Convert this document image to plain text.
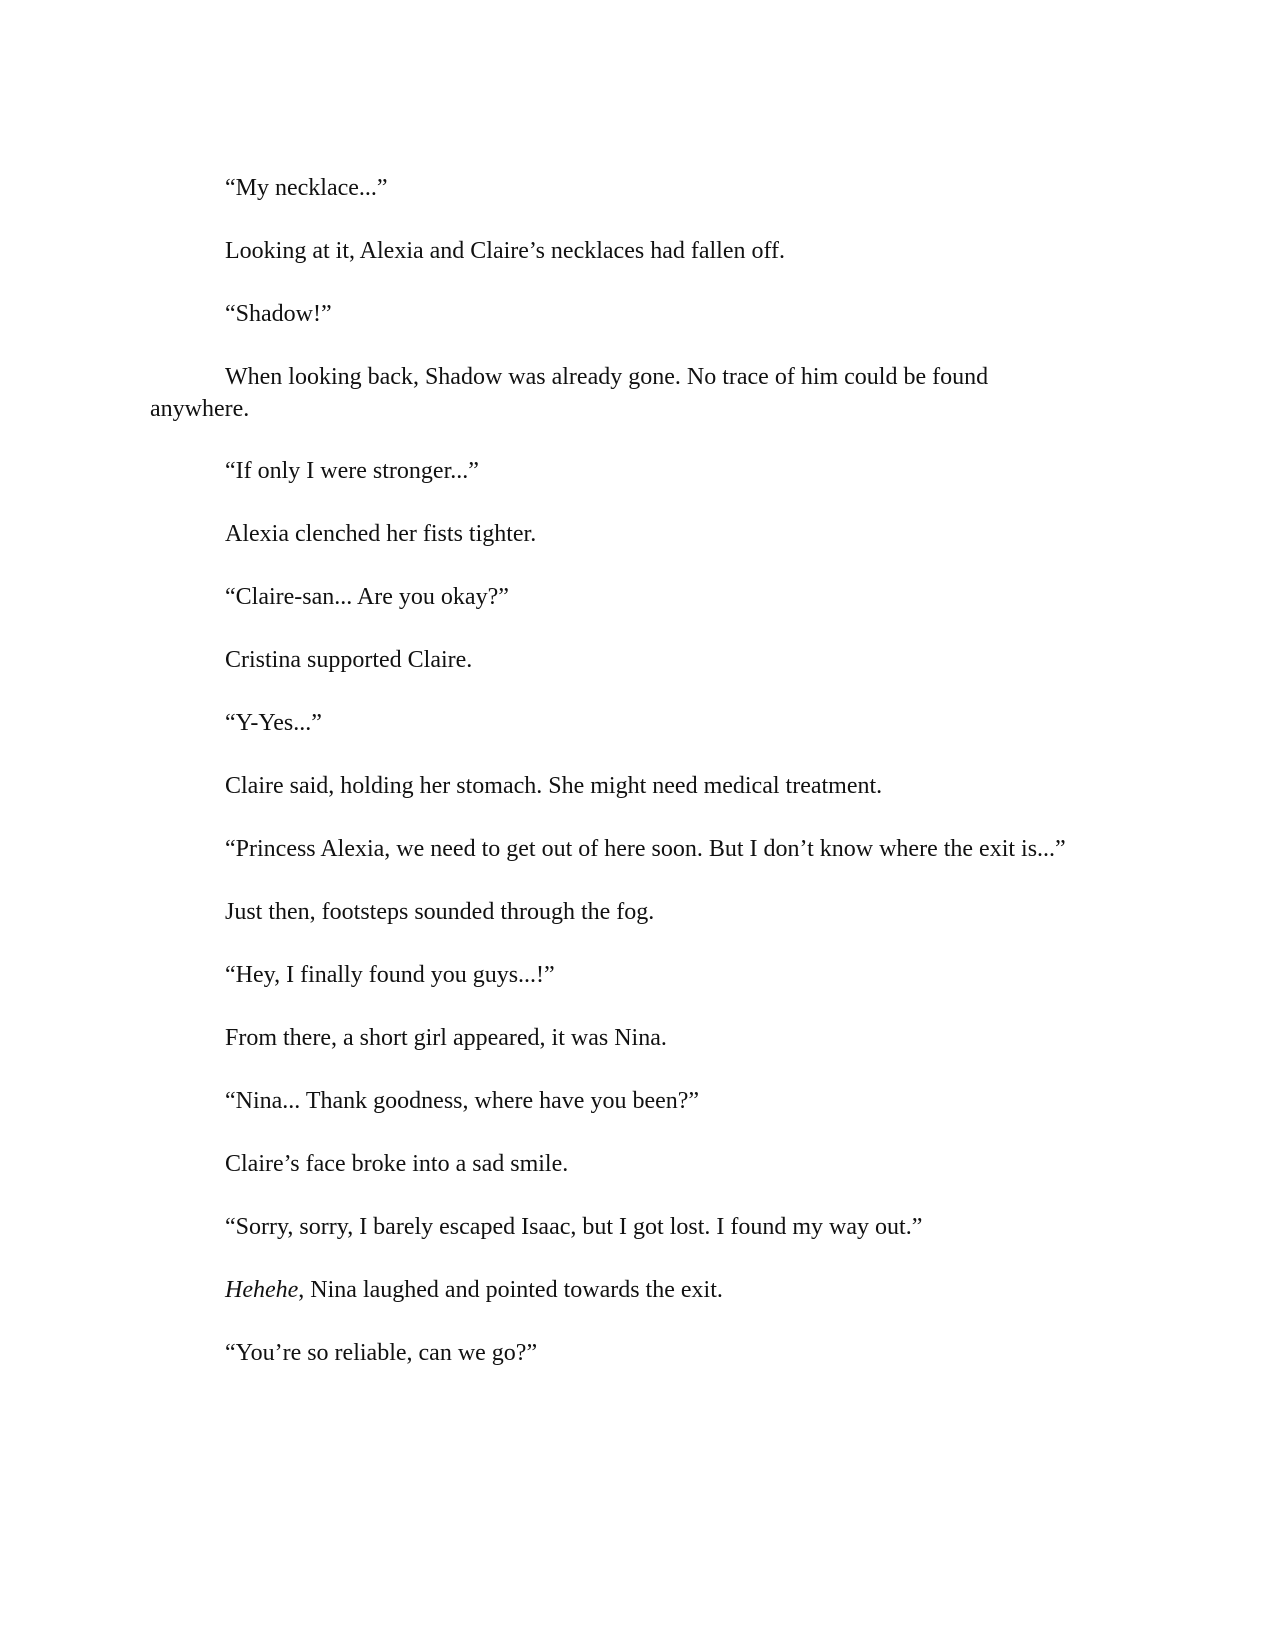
“My necklace...”

Looking at it, Alexia and Claire’s necklaces had fallen off.

“Shadow!”

When looking back, Shadow was already gone. No trace of him could be found
anywhere.

“If only I were stronger...”

Alexia clenched her fists tighter.

“Claire-san... Are you okay?”

Cristina supported Claire.

“Y-Yes...”

Claire said, holding her stomach. She might need medical treatment.

“Princess Alexia, we need to get out of here soon. But I don’t know where the exit is...”

Just then, footsteps sounded through the fog.

“Hey, I finally found you guys...!”

From there, a short girl appeared, it was Nina.

“Nina... Thank goodness, where have you been?”

Claire’s face broke into a sad smile.

“Sorry, sorry, I barely escaped Isaac, but I got lost. I found my way out.”

Hehehe, Nina laughed and pointed towards the exit.

“You’re so reliable, can we go?”
